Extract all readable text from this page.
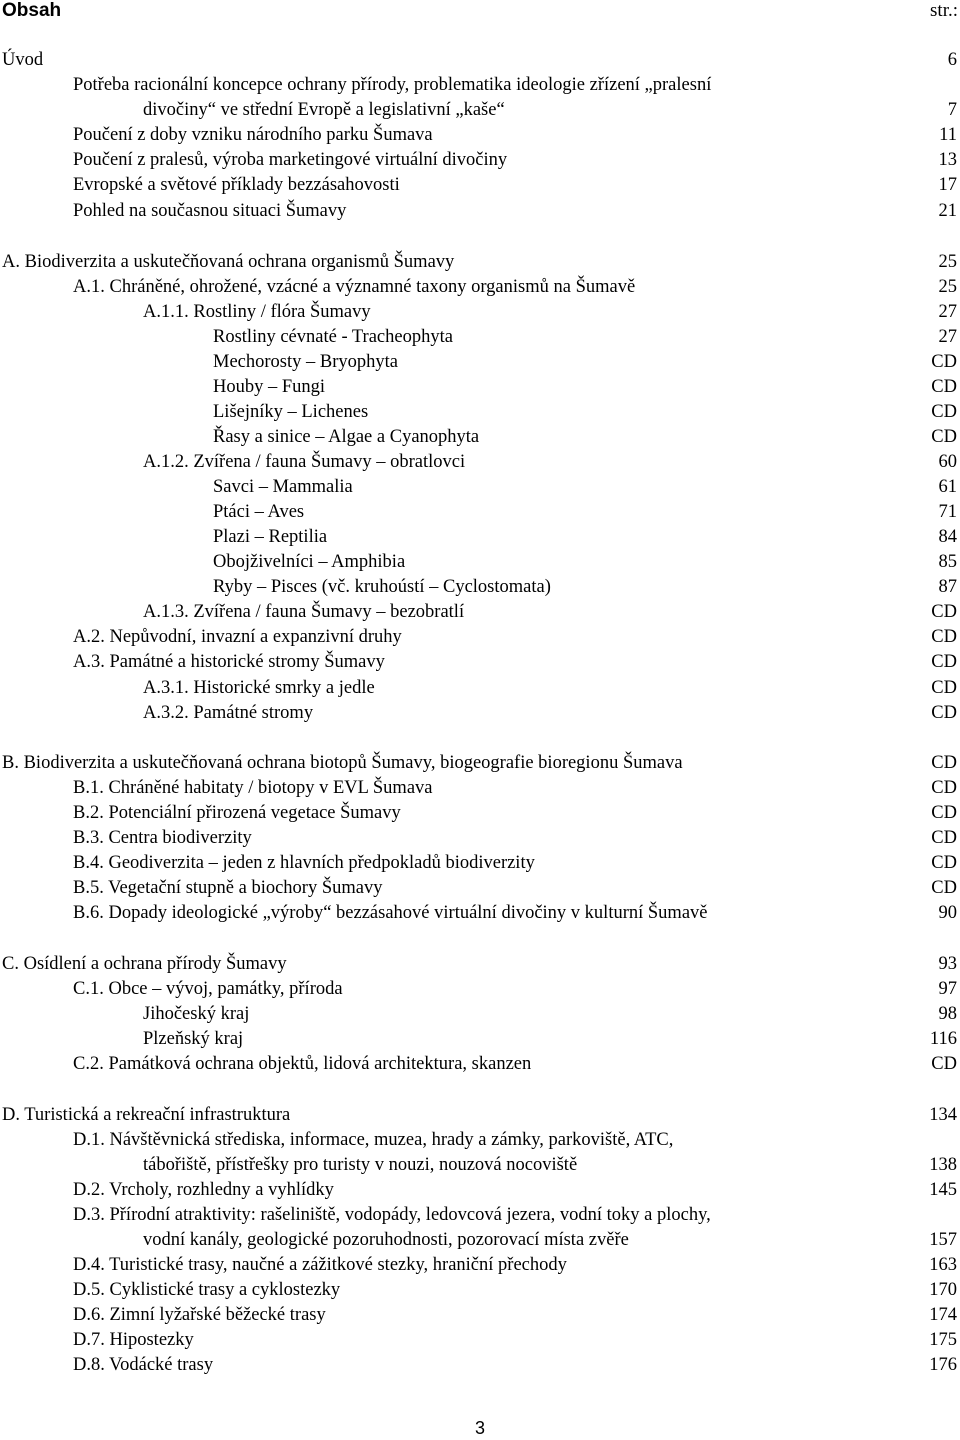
Obsah	str.:
Úvod	6
Potřeba racionální koncepce ochrany přírody, problematika ideologie zřízení „pralesní
divočiny“ ve střední Evropě a legislativní „kaše“	7
Poučení z doby vzniku národního parku Šumava	11
Poučení z pralesů, výroba marketingové virtuální divočiny	13
Evropské a světové příklady bezzásahovosti	17
Pohled na současnou situaci Šumavy	21
A. Biodiverzita a uskutečňovaná ochrana organismů Šumavy	25
A.1. Chráněné, ohrožené, vzácné a významné taxony organismů na Šumavě	25
A.1.1. Rostliny / flóra Šumavy	27
Rostliny cévnaté - Tracheophyta	27
Mechorosty – Bryophyta	CD
Houby – Fungi	CD
Lišejníky – Lichenes	CD
Řasy a sinice – Algae a Cyanophyta	CD
A.1.2. Zvířena / fauna Šumavy – obratlovci	60
Savci – Mammalia	61
Ptáci – Aves	71
Plazi – Reptilia	84
Obojživelníci – Amphibia	85
Ryby – Pisces (vč. kruhoústí – Cyclostomata)	87
A.1.3. Zvířena / fauna Šumavy – bezobratlí	CD
A.2. Nepůvodní, invazní a expanzivní druhy	CD
A.3. Památné a historické stromy Šumavy	CD
A.3.1. Historické smrky a jedle	CD
A.3.2. Památné stromy	CD
B. Biodiverzita a uskutečňovaná ochrana biotopů Šumavy, biogeografie bioregionu Šumava	CD
B.1. Chráněné habitaty / biotopy v EVL Šumava	CD
B.2. Potenciální přirozená vegetace Šumavy	CD
B.3. Centra biodiverzity	CD
B.4. Geodiverzita – jeden z hlavních předpokladů biodiverzity	CD
B.5. Vegetační stupně a biochory Šumavy	CD
B.6. Dopady ideologické „výroby“ bezzásahové virtuální divočiny v kulturní Šumavě	90
C. Osídlení a ochrana přírody Šumavy	93
C.1. Obce – vývoj, památky, příroda	97
Jihočeský kraj	98
Plzeňský kraj	116
C.2. Památková ochrana objektů, lidová architektura, skanzen	CD
D. Turistická a rekreační infrastruktura	134
D.1. Návštěvnická střediska, informace, muzea, hrady a zámky, parkoviště, ATC,
tábořiště, přístřešky pro turisty v nouzi, nouzová nocoviště	138
D.2. Vrcholy, rozhledny a vyhlídky	145
D.3. Přírodní atraktivity: rašeliniště, vodopády, ledovcová jezera, vodní toky a plochy,
vodní kanály, geologické pozoruhodnosti, pozorovací místa zvěře	157
D.4. Turistické trasy, naučné a zážitkové stezky, hraniční přechody	163
D.5. Cyklistické trasy a cyklostezky	170
D.6. Zimní lyžařské běžecké trasy	174
D.7. Hipostezky	175
D.8. Vodácké trasy	176
3
